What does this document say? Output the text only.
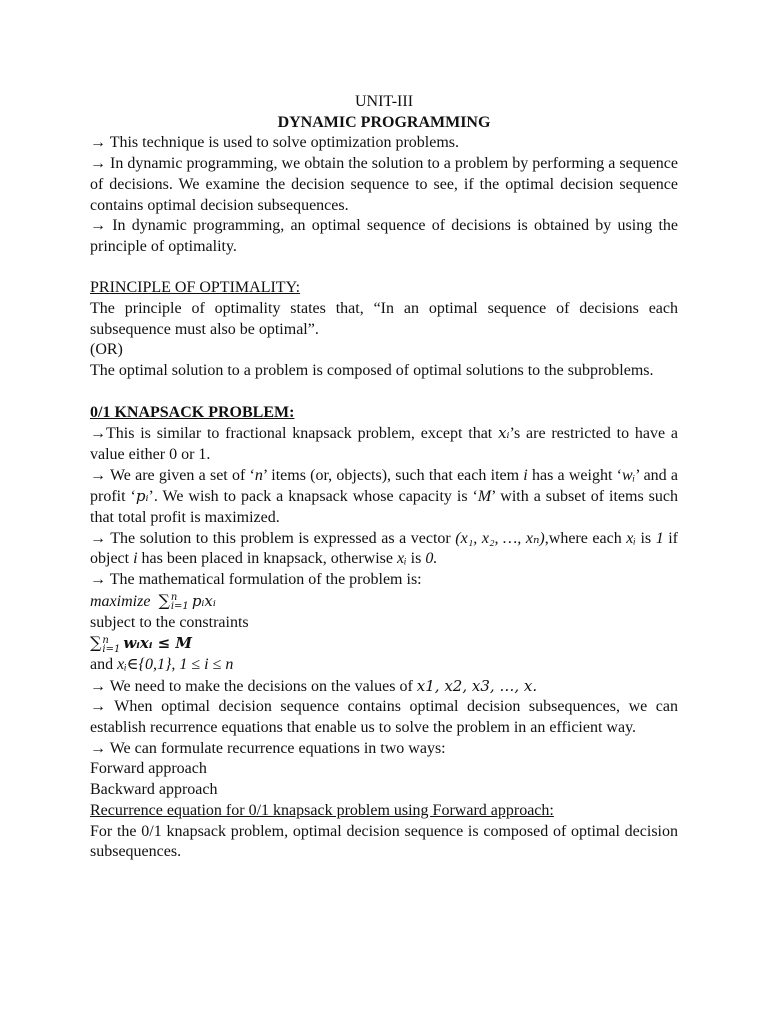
UNIT-III

DYNAMIC PROGRAMMING

→ This technique is used to solve optimization problems.

→ In dynamic programming, we obtain the solution to a problem by performing a sequence of decisions. We examine the decision sequence to see, if the optimal decision sequence contains optimal decision subsequences.

→ In dynamic programming, an optimal sequence of decisions is obtained by using the principle of optimality.

PRINCIPLE OF OPTIMALITY:

The principle of optimality states that, “In an optimal sequence of decisions each subsequence must also be optimal”.

(OR)

The optimal solution to a problem is composed of optimal solutions to the subproblems.

0/1 KNAPSACK PROBLEM:

→This is similar to fractional knapsack problem, except that xᵢ’s are restricted to have a value either 0 or 1.

→ We are given a set of ‘n’ items (or, objects), such that each item i has a weight ‘wᵢ’ and a profit ‘pᵢ’. We wish to pack a knapsack whose capacity is ‘M’ with a subset of items such that total profit is maximized.

→ The solution to this problem is expressed as a vector (x₁, x₂, …, xₙ),where each xᵢ is 1 if object i has been placed in knapsack, otherwise xᵢ is 0.

→ The mathematical formulation of the problem is:

maximize ∑ n
i=1 pᵢxᵢ

subject to the constraints

∑ n
i=1 wᵢxᵢ ≤ M

and xᵢ∈{0,1}, 1 ≤ i ≤ n

→ We need to make the decisions on the values of x1, x2, x3, …, x.

→ When optimal decision sequence contains optimal decision subsequences, we can establish recurrence equations that enable us to solve the problem in an efficient way.

→ We can formulate recurrence equations in two ways:

Forward approach

Backward approach

Recurrence equation for 0/1 knapsack problem using Forward approach:

For the 0/1 knapsack problem, optimal decision sequence is composed of optimal decision subsequences.
